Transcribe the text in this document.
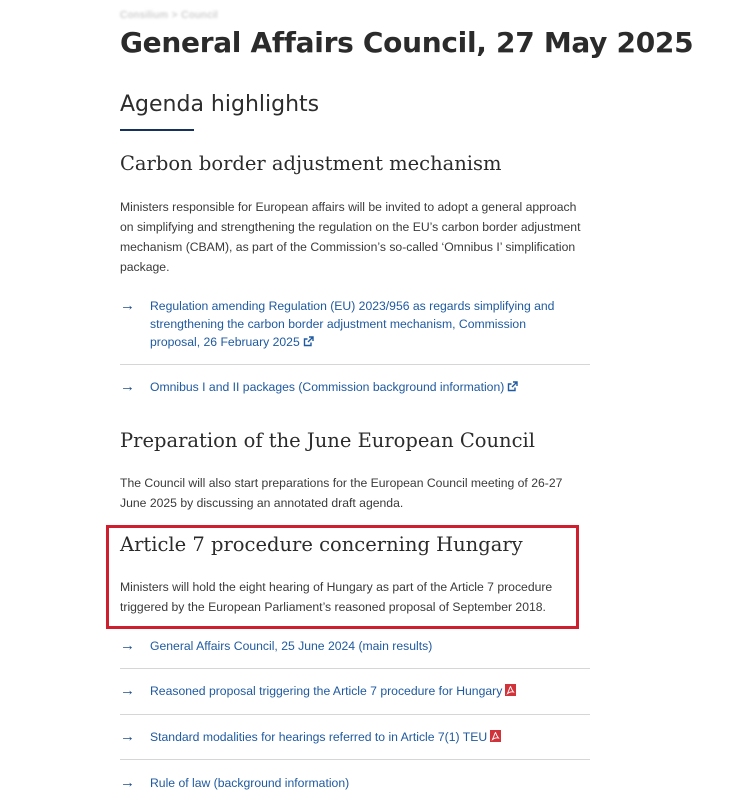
Consilium > Council
General Affairs Council, 27 May 2025
Agenda highlights
Carbon border adjustment mechanism

Ministers responsible for European affairs will be invited to adopt a general approach on simplifying and strengthening the regulation on the EU’s carbon border adjustment mechanism (CBAM), as part of the Commission’s so-called ‘Omnibus I’ simplification package.

→ Regulation amending Regulation (EU) 2023/956 as regards simplifying and strengthening the carbon border adjustment mechanism, Commission proposal, 26 February 2025
→ Omnibus I and II packages (Commission background information)
Preparation of the June European Council

The Council will also start preparations for the European Council meeting of 26-27 June 2025 by discussing an annotated draft agenda.

Article 7 procedure concerning Hungary

Ministers will hold the eight hearing of Hungary as part of the Article 7 procedure triggered by the European Parliament’s reasoned proposal of September 2018.

→ General Affairs Council, 25 June 2024 (main results)
→ Reasoned proposal triggering the Article 7 procedure for Hungary
→ Standard modalities for hearings referred to in Article 7(1) TEU
→ Rule of law (background information)
